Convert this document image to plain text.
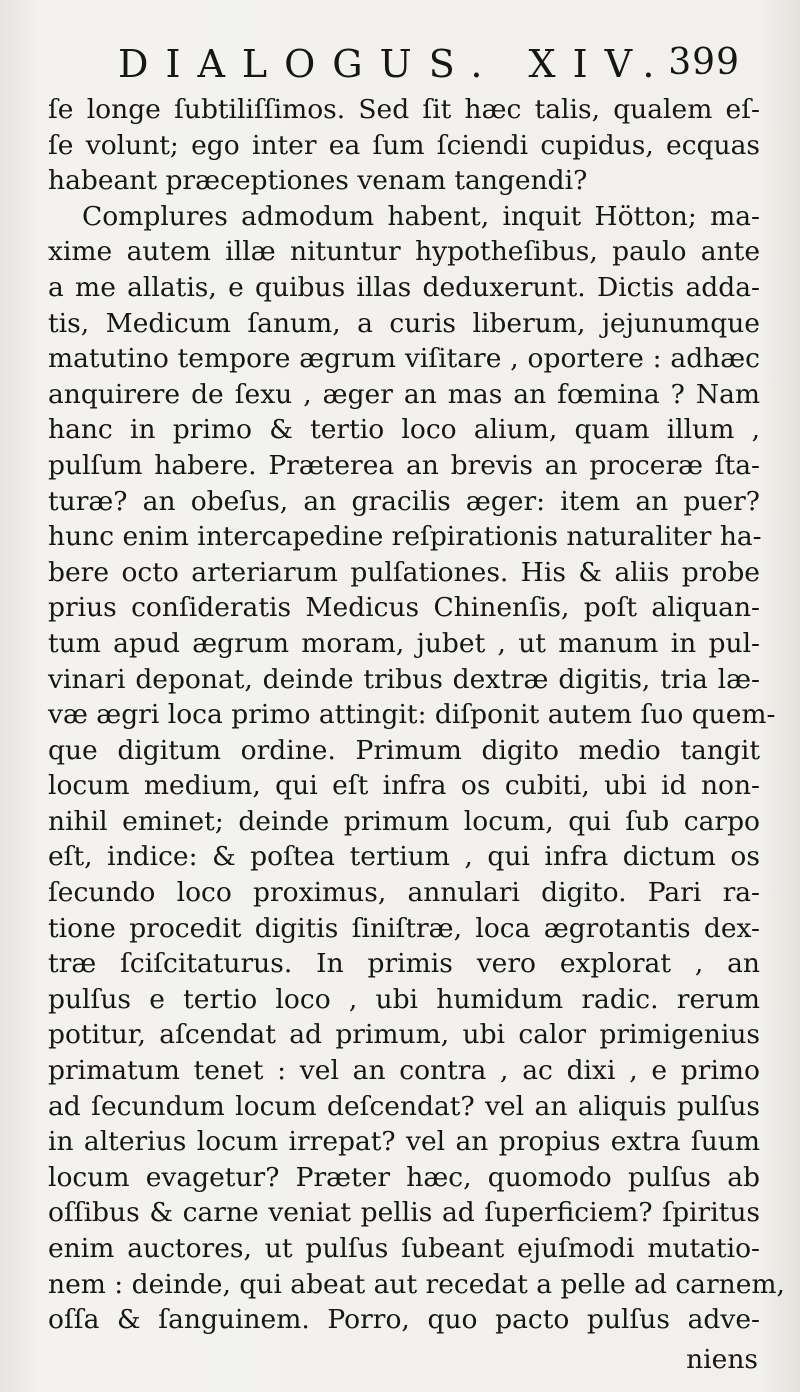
DIALOGUS. XIV.
399
ſe longe ſubtiliſſimos. Sed ſit hæc talis, qualem eſ-
ſe volunt; ego inter ea ſum ſciendi cupidus, ecquas
habeant præceptiones venam tangendi?
Complures admodum habent, inquit Hötton; ma-
xime autem illæ nituntur hypotheſibus, paulo ante
a me allatis, e quibus illas deduxerunt. Dictis adda-
tis, Medicum ſanum, a curis liberum, jejunumque
matutino tempore ægrum viſitare , oportere : adhæc
anquirere de ſexu , æger an mas an fœmina ? Nam
hanc in primo & tertio loco alium, quam illum ,
pulſum habere. Præterea an brevis an proceræ ſta-
turæ? an obeſus, an gracilis æger: item an puer?
hunc enim intercapedine reſpirationis naturaliter ha-
bere octo arteriarum pulſationes. His & aliis probe
prius conſideratis Medicus Chinenſis, poſt aliquan-
tum apud ægrum moram, jubet , ut manum in pul-
vinari deponat, deinde tribus dextræ digitis, tria læ-
væ ægri loca primo attingit: diſponit autem ſuo quem-
que digitum ordine. Primum digito medio tangit
locum medium, qui eſt infra os cubiti, ubi id non-
nihil eminet; deinde primum locum, qui ſub carpo
eſt, indice: & poſtea tertium , qui infra dictum os
ſecundo loco proximus, annulari digito. Pari ra-
tione procedit digitis ſiniſtræ, loca ægrotantis dex-
træ ſciſcitaturus. In primis vero explorat , an
pulſus e tertio loco , ubi humidum radic. rerum
potitur, aſcendat ad primum, ubi calor primigenius
primatum tenet : vel an contra , ac dixi , e primo
ad ſecundum locum deſcendat? vel an aliquis pulſus
in alterius locum irrepat? vel an propius extra ſuum
locum evagetur? Præter hæc, quomodo pulſus ab
oſſibus & carne veniat pellis ad ſuperficiem? ſpiritus
enim auctores, ut pulſus ſubeant ejuſmodi mutatio-
nem : deinde, qui abeat aut recedat a pelle ad carnem,
oſſa & ſanguinem. Porro, quo pacto pulſus adve-
niens
